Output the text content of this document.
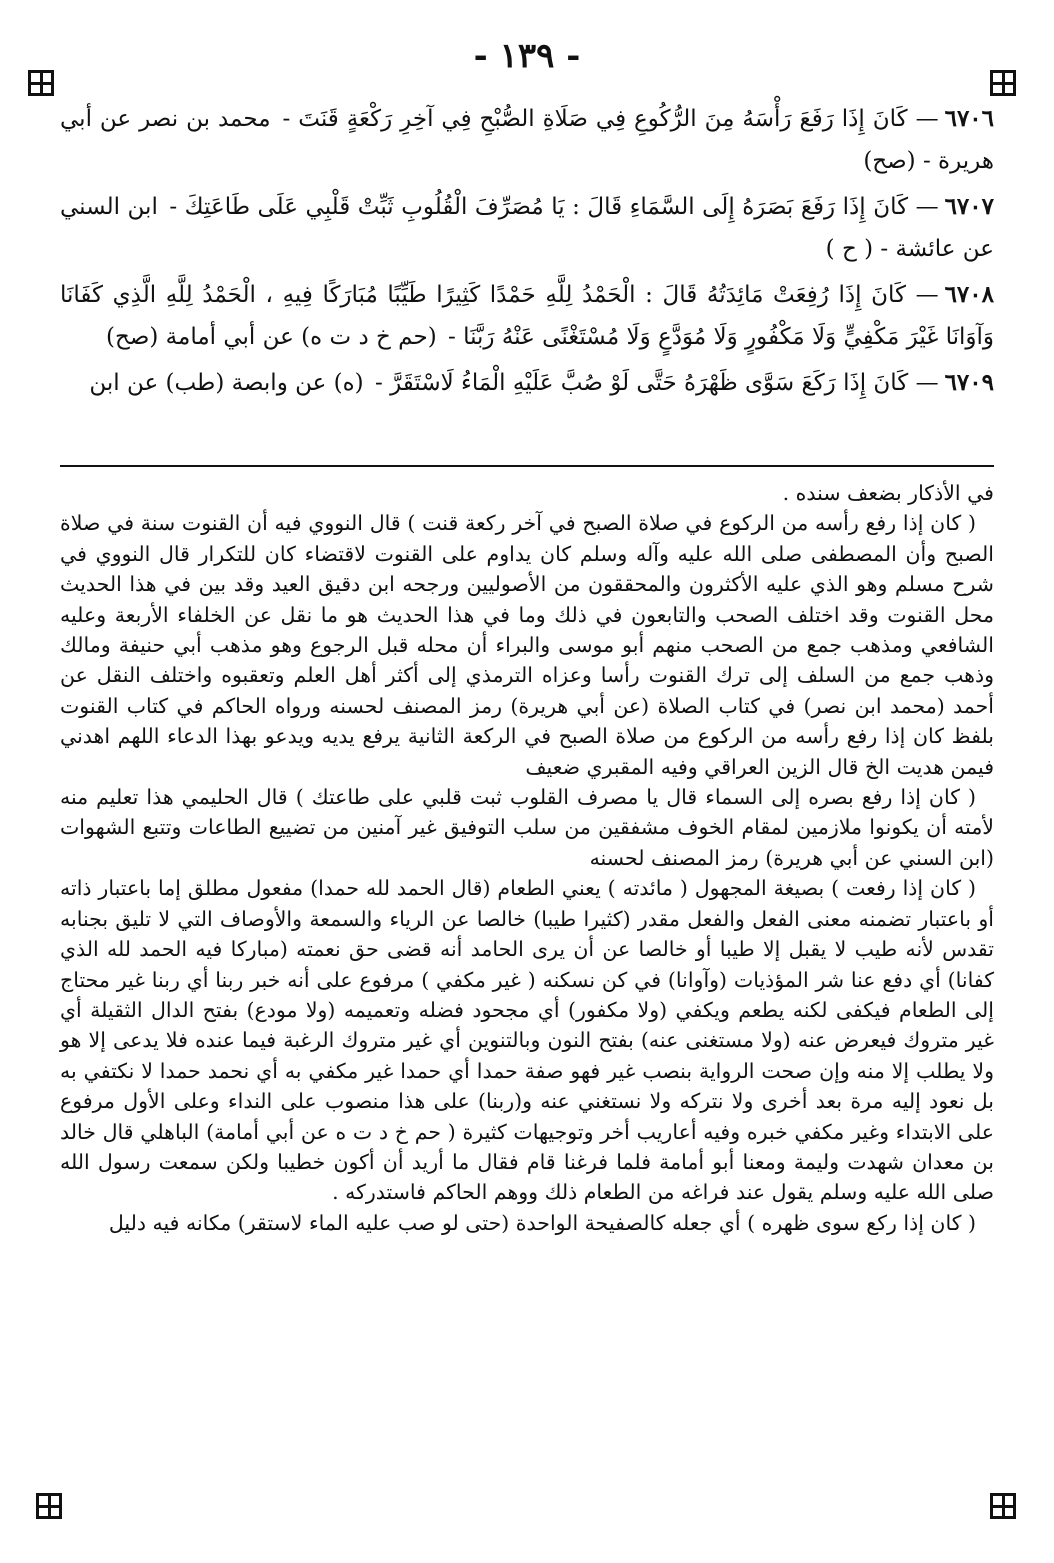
- ١٣٩ -

٦٧٠٦— كَانَ إِذَا رَفَعَ رَأْسَهُ مِنَ الرُّكُوعِ فِي صَلَاةِ الصُّبْحِ فِي آخِرِ رَكْعَةٍ قَنَتَ - محمد بن نصر عن أبي هريرة - (صح)

٦٧٠٧— كَانَ إِذَا رَفَعَ بَصَرَهُ إِلَى السَّمَاءِ قَالَ : يَا مُصَرِّفَ الْقُلُوبِ ثَبِّتْ قَلْبِي عَلَى طَاعَتِكَ - ابن السني عن عائشة - ( ح )

٦٧٠٨— كَانَ إِذَا رُفِعَتْ مَائِدَتُهُ قَالَ : الْحَمْدُ لِلَّهِ حَمْدًا كَثِيرًا طَيِّبًا مُبَارَكًا فِيهِ ، الْحَمْدُ لِلَّهِ الَّذِي كَفَانَا وَآوَانَا غَيْرَ مَكْفِيٍّ وَلَا مَكْفُورٍ وَلَا مُوَدَّعٍ وَلَا مُسْتَغْنًى عَنْهُ رَبَّنَا - (حم خ د ت ه) عن أبي أمامة (صح)

٦٧٠٩— كَانَ إِذَا رَكَعَ سَوَّى ظَهْرَهُ حَتَّى لَوْ صُبَّ عَلَيْهِ الْمَاءُ لَاسْتَقَرَّ - (ه) عن وابصة (طب) عن ابن

في الأذكار بضعف سنده .

( كان إذا رفع رأسه من الركوع في صلاة الصبح في آخر ركعة قنت ) قال النووي فيه أن القنوت سنة في صلاة الصبح وأن المصطفى صلى الله عليه وآله وسلم كان يداوم على القنوت لاقتضاء كان للتكرار قال النووي في شرح مسلم وهو الذي عليه الأكثرون والمحققون من الأصوليين ورجحه ابن دقيق العيد وقد بين في هذا الحديث محل القنوت وقد اختلف الصحب والتابعون في ذلك وما في هذا الحديث هو ما نقل عن الخلفاء الأربعة وعليه الشافعي ومذهب جمع من الصحب منهم أبو موسى والبراء أن محله قبل الرجوع وهو مذهب أبي حنيفة ومالك وذهب جمع من السلف إلى ترك القنوت رأسا وعزاه الترمذي إلى أكثر أهل العلم وتعقبوه واختلف النقل عن أحمد (محمد ابن نصر) في كتاب الصلاة (عن أبي هريرة) رمز المصنف لحسنه ورواه الحاكم في كتاب القنوت بلفظ كان إذا رفع رأسه من الركوع من صلاة الصبح في الركعة الثانية يرفع يديه ويدعو بهذا الدعاء اللهم اهدني فيمن هديت الخ قال الزين العراقي وفيه المقبري ضعيف

( كان إذا رفع بصره إلى السماء قال يا مصرف القلوب ثبت قلبي على طاعتك ) قال الحليمي هذا تعليم منه لأمته أن يكونوا ملازمين لمقام الخوف مشفقين من سلب التوفيق غير آمنين من تضييع الطاعات وتتبع الشهوات (ابن السني عن أبي هريرة) رمز المصنف لحسنه

( كان إذا رفعت ) بصيغة المجهول ( مائدته ) يعني الطعام (قال الحمد لله حمدا) مفعول مطلق إما باعتبار ذاته أو باعتبار تضمنه معنى الفعل والفعل مقدر (كثيرا طيبا) خالصا عن الرياء والسمعة والأوصاف التي لا تليق بجنابه تقدس لأنه طيب لا يقبل إلا طيبا أو خالصا عن أن يرى الحامد أنه قضى حق نعمته (مباركا فيه الحمد لله الذي كفانا) أي دفع عنا شر المؤذيات (وآوانا) في كن نسكنه ( غير مكفي ) مرفوع على أنه خبر ربنا أي ربنا غير محتاج إلى الطعام فيكفى لكنه يطعم ويكفي (ولا مكفور) أي مجحود فضله وتعميمه (ولا مودع) بفتح الدال الثقيلة أي غير متروك فيعرض عنه (ولا مستغنى عنه) بفتح النون وبالتنوين أي غير متروك الرغبة فيما عنده فلا يدعى إلا هو ولا يطلب إلا منه وإن صحت الرواية بنصب غير فهو صفة حمدا أي حمدا غير مكفي به أي نحمد حمدا لا نكتفي به بل نعود إليه مرة بعد أخرى ولا نتركه ولا نستغني عنه و(ربنا) على هذا منصوب على النداء وعلى الأول مرفوع على الابتداء وغير مكفي خبره وفيه أعاريب أخر وتوجيهات كثيرة ( حم خ د ت ه عن أبي أمامة) الباهلي قال خالد بن معدان شهدت وليمة ومعنا أبو أمامة فلما فرغنا قام فقال ما أريد أن أكون خطيبا ولكن سمعت رسول الله صلى الله عليه وسلم يقول عند فراغه من الطعام ذلك ووهم الحاكم فاستدركه .

( كان إذا ركع سوى ظهره ) أي جعله كالصفيحة الواحدة (حتى لو صب عليه الماء لاستقر) مكانه فيه دليل
